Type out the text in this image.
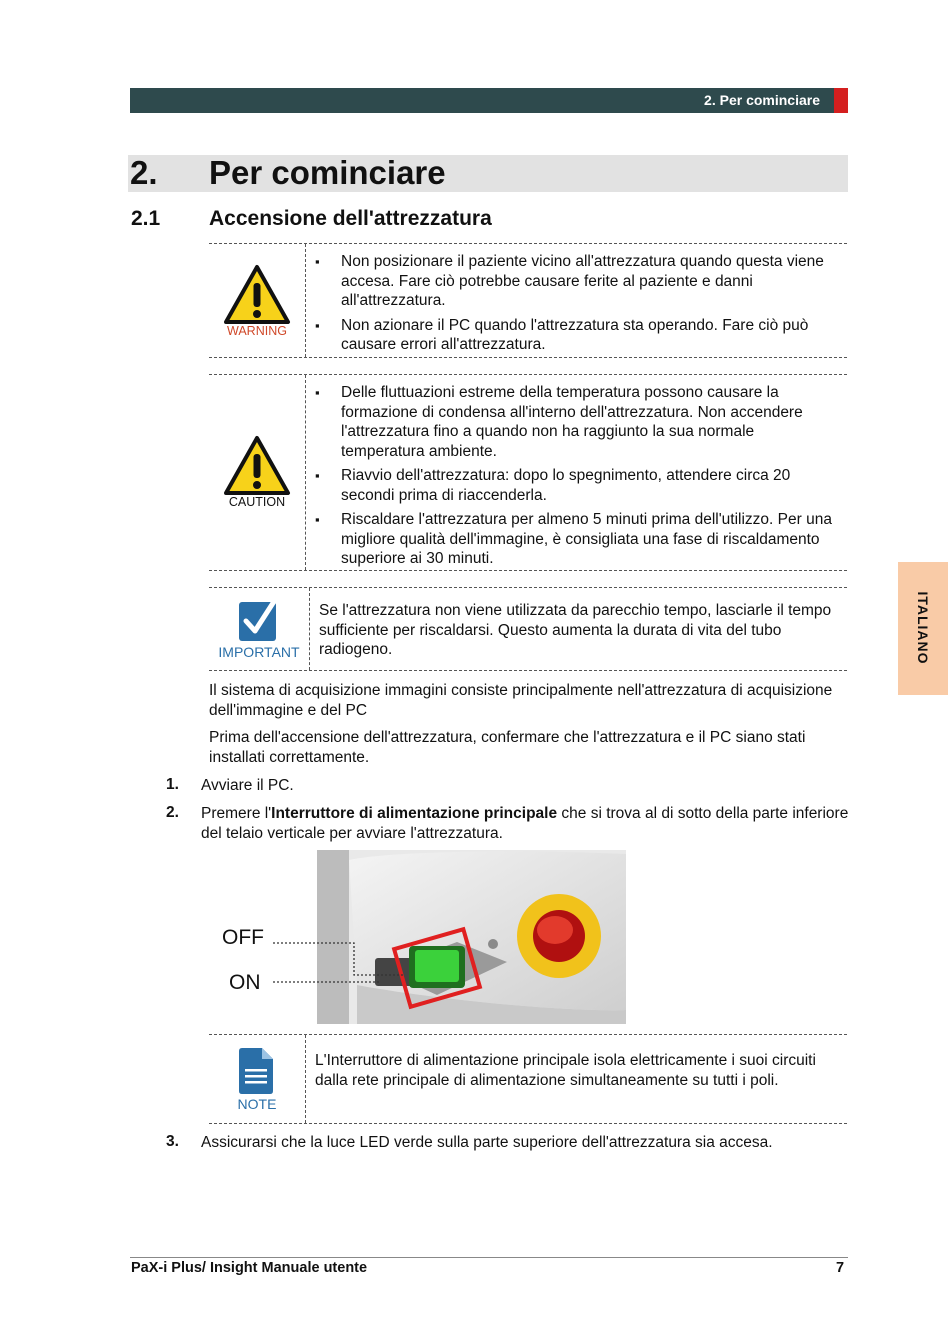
2. Per cominciare
2. Per cominciare
2.1 Accensione dell'attrezzatura
WARNING
▪ Non posizionare il paziente vicino all'attrezzatura quando questa viene accesa. Fare ciò potrebbe causare ferite al paziente e danni all'attrezzatura.
▪ Non azionare il PC quando l'attrezzatura sta operando. Fare ciò può causare errori all'attrezzatura.
CAUTION
▪ Delle fluttuazioni estreme della temperatura possono causare la formazione di condensa all'interno dell'attrezzatura. Non accendere l'attrezzatura fino a quando non ha raggiunto la sua normale temperatura ambiente.
▪ Riavvio dell'attrezzatura: dopo lo spegnimento, attendere circa 20 secondi prima di riaccenderla.
▪ Riscaldare l'attrezzatura per almeno 5 minuti prima dell'utilizzo. Per una migliore qualità dell'immagine, è consigliata una fase di riscaldamento superiore ai 30 minuti.
IMPORTANT
Se l'attrezzatura non viene utilizzata da parecchio tempo, lasciarle il tempo sufficiente per riscaldarsi. Questo aumenta la durata di vita del tubo radiogeno.
Il sistema di acquisizione immagini consiste principalmente nell'attrezzatura di acquisizione dell'immagine e del PC
Prima dell'accensione dell'attrezzatura, confermare che l'attrezzatura e il PC siano stati installati correttamente.
1. Avviare il PC.
2. Premere l'Interruttore di alimentazione principale che si trova al di sotto della parte inferiore del telaio verticale per avviare l'attrezzatura.
OFF
ON
NOTE
L'Interruttore di alimentazione principale isola elettricamente i suoi circuiti dalla rete principale di alimentazione simultaneamente su tutti i poli.
3. Assicurarsi che la luce LED verde sulla parte superiore dell'attrezzatura sia accesa.
ITALIANO
PaX-i Plus/ Insight Manuale utente	7
